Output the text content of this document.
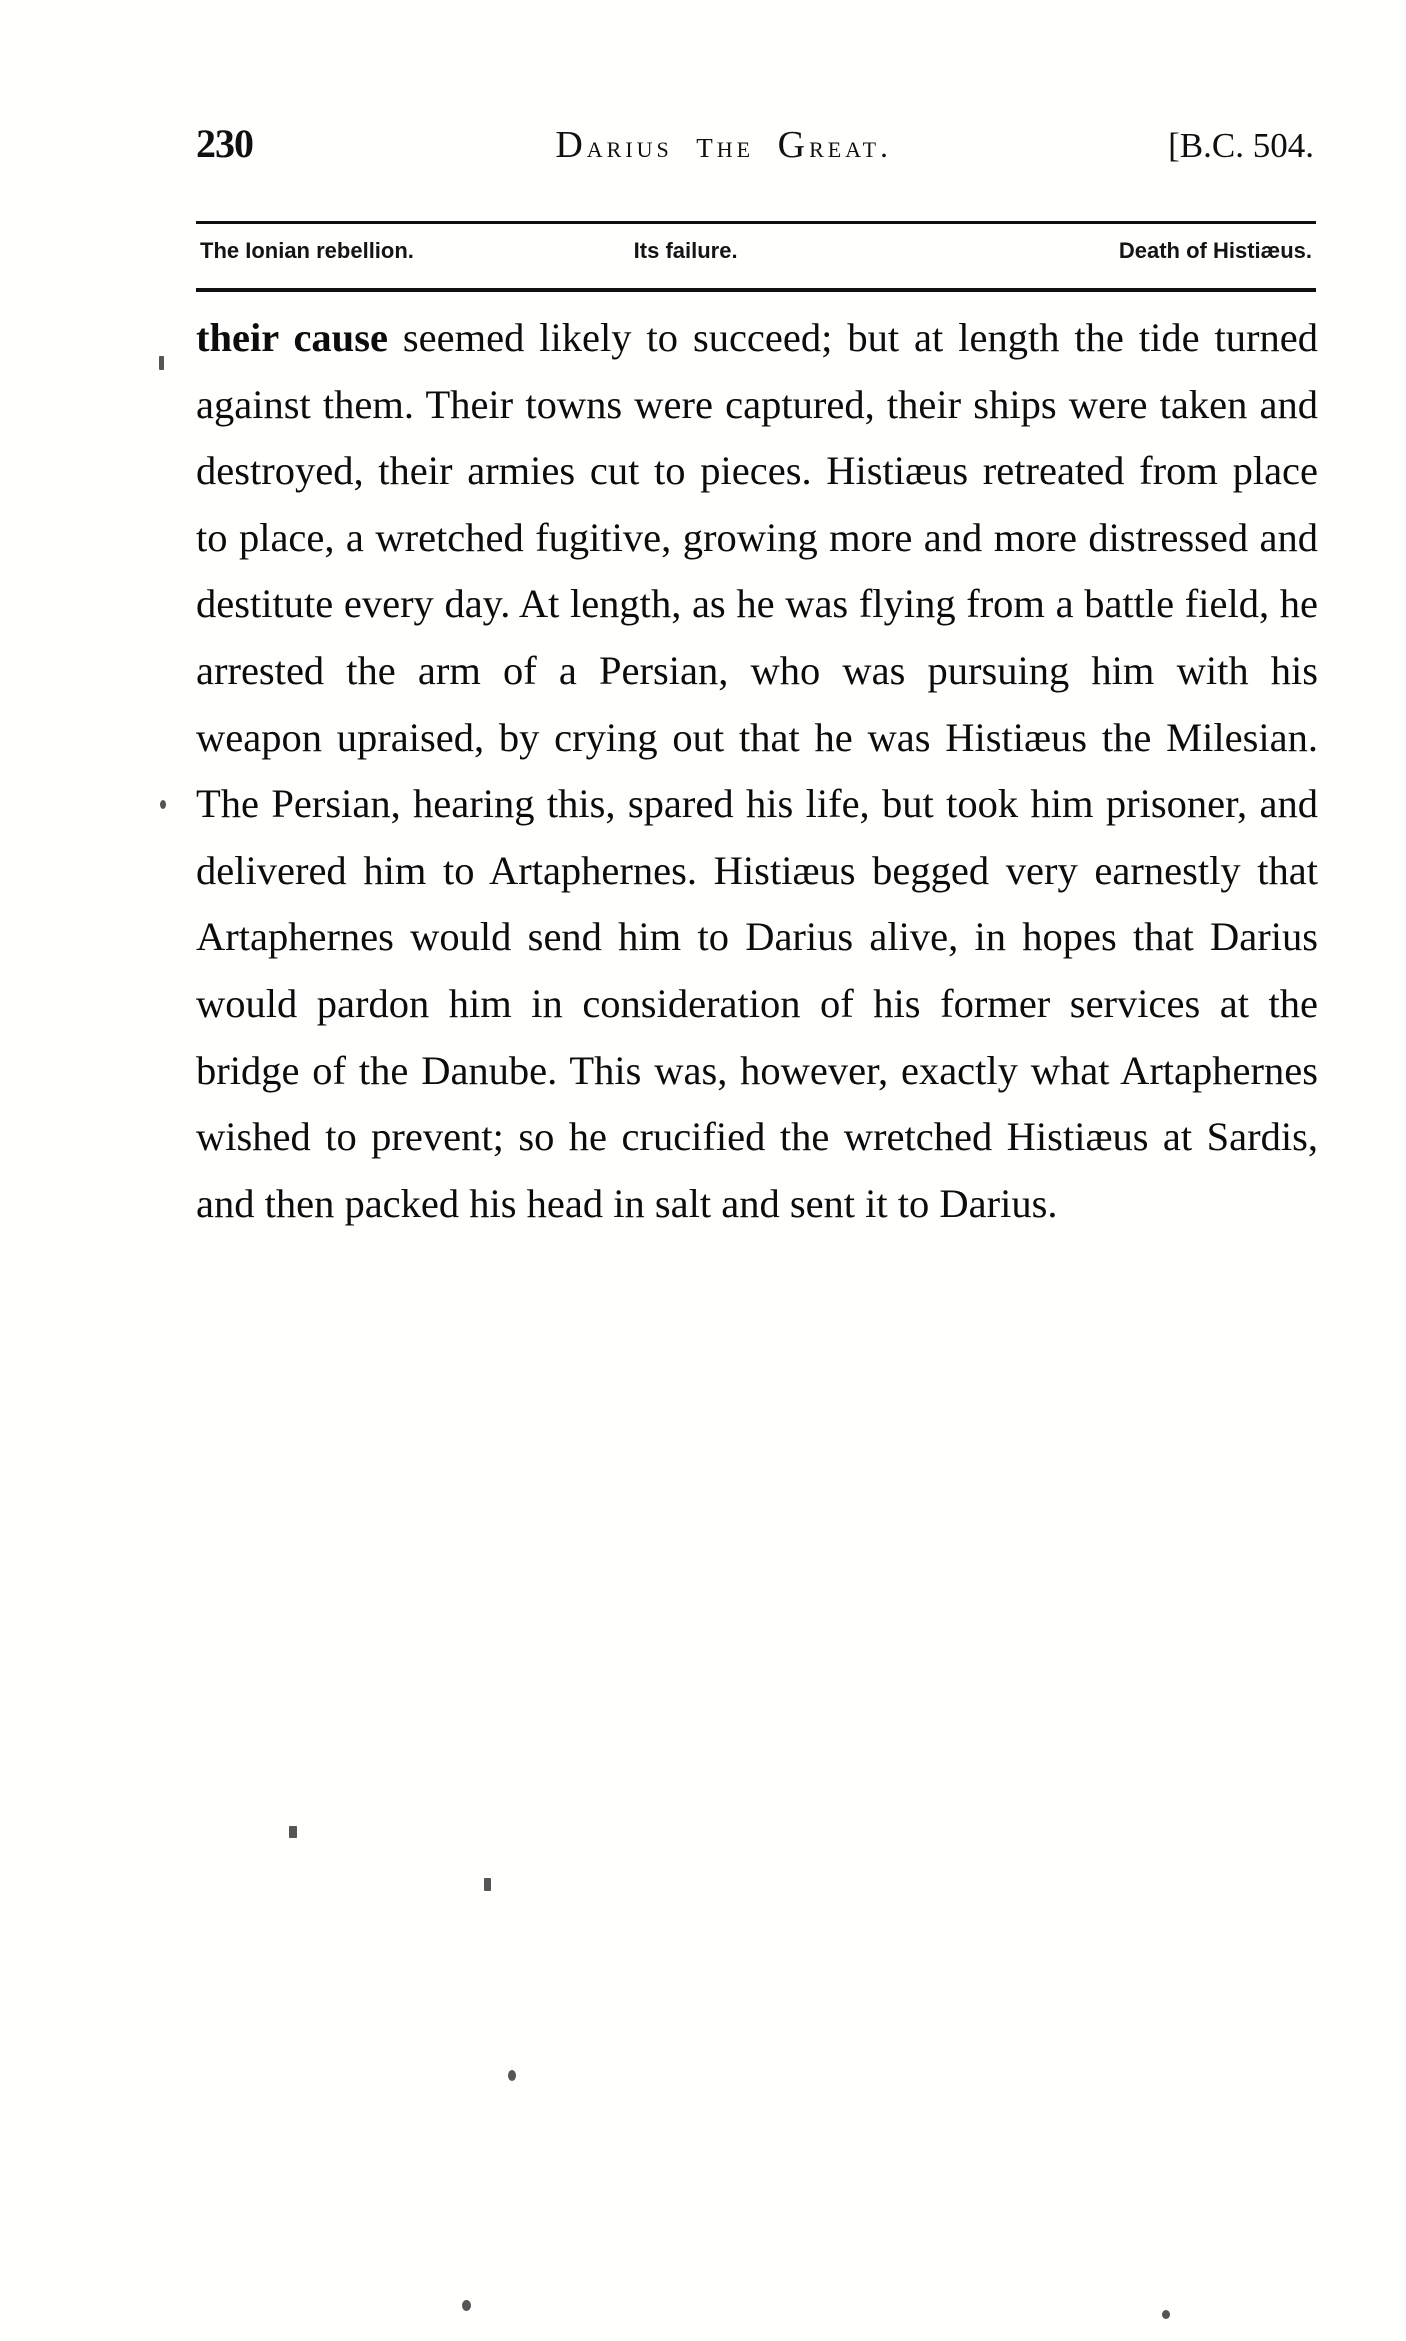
230	Darius  the  Great.	[B.C. 504.
The Ionian rebellion.	Its failure.	Death of Histiæus.

their cause seemed likely to succeed; but at length the tide turned against them. Their towns were captured, their ships were taken and destroyed, their armies cut to pieces. Histiæus retreated from place to place, a wretched fugitive, growing more and more distressed and destitute every day. At length, as he was flying from a battle field, he arrested the arm of a Persian, who was pursuing him with his weapon upraised, by crying out that he was Histiæus the Milesian. The Persian, hearing this, spared his life, but took him prisoner, and delivered him to Artaphernes. Histiæus begged very earnestly that Artaphernes would send him to Darius alive, in hopes that Darius would pardon him in consideration of his former services at the bridge of the Danube. This was, however, exactly what Artaphernes wished to prevent; so he crucified the wretched Histiæus at Sardis, and then packed his head in salt and sent it to Darius.
